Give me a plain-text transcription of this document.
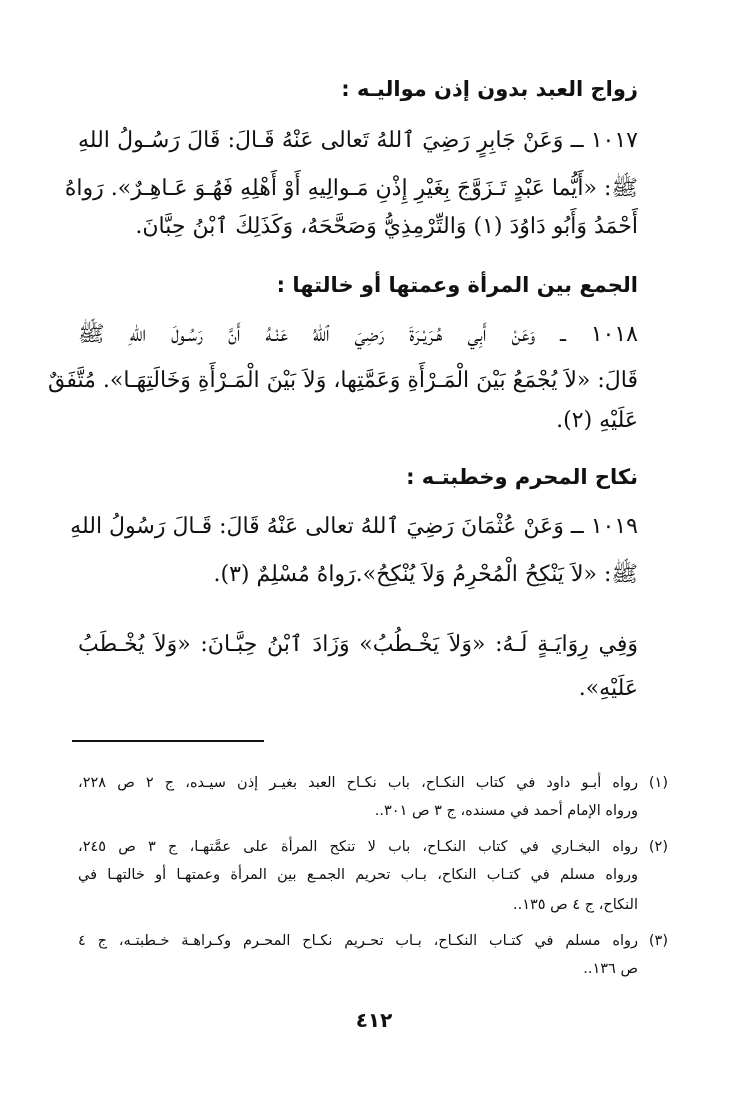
زواج العبد بدون إذن مواليـه :
١٠١٧ ــ وَعَنْ جَابِرٍ رَضِيَ ٱللهُ تَعالى عَنْهُ قَـالَ: قَالَ رَسُـولُ اللهِ
ﷺ: «أَيُّما عَبْدٍ تَـزَوَّجَ بِغَيْرِ إِذْنِ مَـوالِيهِ أَوْ أَهْلِهِ فَهُـوَ عَـاهِـرٌ». رَواهُ
أَحْمَدُ وَأَبُو دَاوُدَ (١) وَالتِّرْمِذِيُّ وَصَحَّحَهُ، وَكَذَلِكَ ٱبْنُ حِبَّانَ.
الجمع بين المرأة وعمتها أو خالتها :
١٠١٨ ــ وَعَنْ أَبِي هُـرَيْـرَةَ رَضِيَ ٱللهُ عَنْـهُ أَنَّ رَسُـولَ اللهِ ﷺ
قَالَ: «لاَ يُجْمَعُ بَيْنَ الْمَـرْأَةِ وَعَمَّتِها، وَلاَ بَيْنَ الْمَـرْأَةِ وَخَالَتِهَـا». مُتَّفَقٌ
عَلَيْهِ (٢).
نكاح المحرم وخطبتـه :
١٠١٩ ــ وَعَنْ عُثْمَانَ رَضِيَ ٱللهُ تعالى عَنْهُ قَالَ: قَـالَ رَسُولُ اللهِ
ﷺ: «لاَ يَنْكِحُ الْمُحْرِمُ وَلاَ يُنْكِحُ».رَواهُ مُسْلِمٌ (٣).
وَفِي رِوَايَـةٍ لَـهُ: «وَلاَ يَخْـطُبُ» وَزَادَ ٱبْنُ حِبَّـانَ: «وَلاَ يُخْـطَبُ
عَلَيْهِ».
(١)
رواه أبـو داود في كتاب النكـاح، باب نكـاح العبد بغيـر إذن سيـده، ج ٢ ص ٢٢٨،
ورواه الإمام أحمد في مسنده، ج ٣ ص ٣٠١..
(٢)
رواه البخـاري في كتاب النكـاح، باب لا تنكح المرأة على عمَّتهـا، ج ٣ ص ٢٤٥،
ورواه مسلم في كتـاب النكاح، بـاب تحريم الجمـع بين المرأة وعمتهـا أو خالتهـا في
النكاح، ج ٤ ص ١٣٥..
(٣)
رواه مسلم في كتـاب النكـاح، بـاب تحـريم نكـاح المحـرم وكـراهـة خـطبتـه، ج ٤
ص ١٣٦..
٤١٢
